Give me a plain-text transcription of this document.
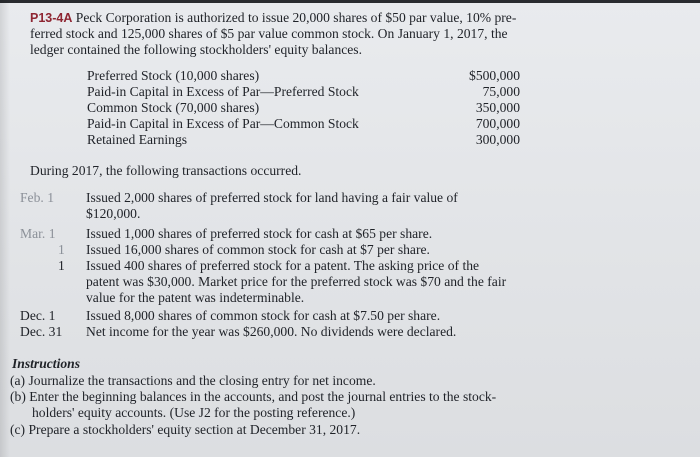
P13-4A Peck Corporation is authorized to issue 20,000 shares of $50 par value, 10% pre-
ferred stock and 125,000 shares of $5 par value common stock. On January 1, 2017, the
ledger contained the following stockholders' equity balances.
Preferred Stock (10,000 shares)	$500,000
Paid-in Capital in Excess of Par—Preferred Stock	75,000
Common Stock (70,000 shares)	350,000
Paid-in Capital in Excess of Par—Common Stock	700,000
Retained Earnings	300,000
During 2017, the following transactions occurred.
Feb. 1 Issued 2,000 shares of preferred stock for land having a fair value of
$120,000.
Mar. 1 Issued 1,000 shares of preferred stock for cash at $65 per share.
1 Issued 16,000 shares of common stock for cash at $7 per share.
1 Issued 400 shares of preferred stock for a patent. The asking price of the
patent was $30,000. Market price for the preferred stock was $70 and the fair
value for the patent was indeterminable.
Dec. 1 Issued 8,000 shares of common stock for cash at $7.50 per share.
Dec. 31 Net income for the year was $260,000. No dividends were declared.
Instructions
(a) Journalize the transactions and the closing entry for net income.
(b) Enter the beginning balances in the accounts, and post the journal entries to the stock-
holders' equity accounts. (Use J2 for the posting reference.)
(c) Prepare a stockholders' equity section at December 31, 2017.
